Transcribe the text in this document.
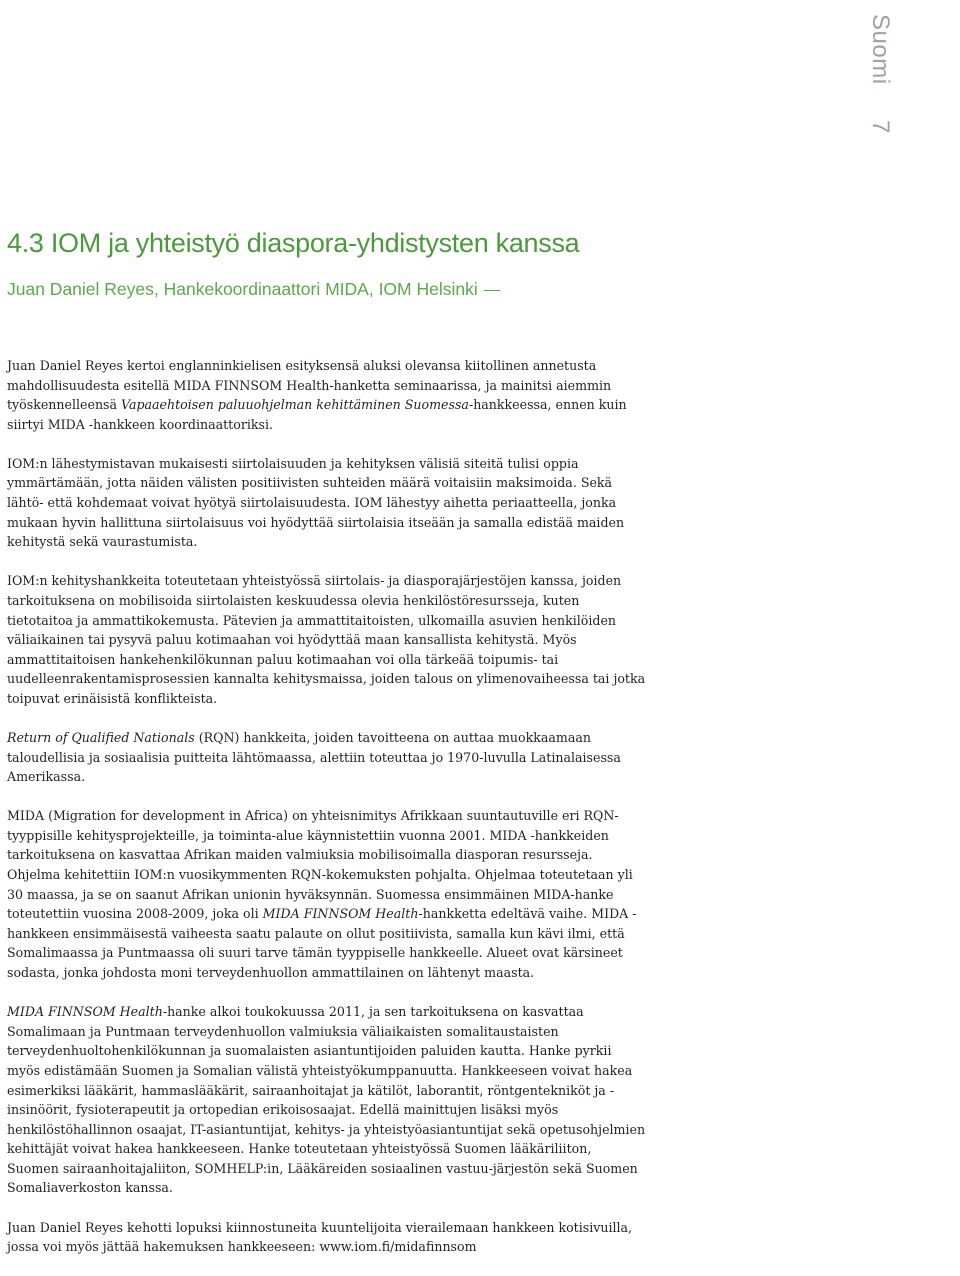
Suomi 7
4.3 IOM ja yhteistyö diaspora-yhdistysten kanssa
Juan Daniel Reyes, Hankekoordinaattori MIDA, IOM Helsinki

Juan Daniel Reyes kertoi englanninkielisen esityksensä aluksi olevansa kiitollinen annetusta mahdollisuudesta esitellä MIDA FINNSOM Health-hanketta seminaarissa, ja mainitsi aiemmin työskennelleensä Vapaaehtoisen paluuohjelman kehittäminen Suomessa-hankkeessa, ennen kuin siirtyi MIDA -hankkeen koordinaattoriksi.

IOM:n lähestymistavan mukaisesti siirtolaisuuden ja kehityksen välisiä siteitä tulisi oppia ymmärtämään, jotta näiden välisten positiivisten suhteiden määrä voitaisiin maksimoida. Sekä lähtö- että kohdemaat voivat hyötyä siirtolaisuudesta. IOM lähestyy aihetta periaatteella, jonka mukaan hyvin hallittuna siirtolaisuus voi hyödyttää siirtolaisia itseään ja samalla edistää maiden kehitystä sekä vaurastumista.

IOM:n kehityshankkeita toteutetaan yhteistyössä siirtolais- ja diasporajärjestöjen kanssa, joiden tarkoituksena on mobilisoida siirtolaisten keskuudessa olevia henkilöstöresursseja, kuten tietotaitoa ja ammattikokemusta. Pätevien ja ammattitaitoisten, ulkomailla asuvien henkilöiden väliaikainen tai pysyvä paluu kotimaahan voi hyödyttää maan kansallista kehitystä. Myös ammattitaitoisen hankehenkilökunnan paluu kotimaahan voi olla tärkeää toipumis- tai uudelleenrakentamisprosessien kannalta kehitysmaissa, joiden talous on ylimenovaiheessa tai jotka toipuvat erinäisistä konflikteista.

Return of Qualified Nationals (RQN) hankkeita, joiden tavoitteena on auttaa muokkaamaan taloudellisia ja sosiaalisia puitteita lähtömaassa, alettiin toteuttaa jo 1970-luvulla Latinalaisessa Amerikassa.

MIDA (Migration for development in Africa) on yhteisnimitys Afrikkaan suuntautuville eri RQN-tyyppisille kehitysprojekteille, ja toiminta-alue käynnistettiin vuonna 2001. MIDA -hankkeiden tarkoituksena on kasvattaa Afrikan maiden valmiuksia mobilisoimalla diasporan resursseja. Ohjelma kehitettiin IOM:n vuosikymmenten RQN-kokemuksten pohjalta. Ohjelmaa toteutetaan yli 30 maassa, ja se on saanut Afrikan unionin hyväksynnän. Suomessa ensimmäinen MIDA-hanke toteutettiin vuosina 2008-2009, joka oli MIDA FINNSOM Health-hankketta edeltävä vaihe. MIDA -hankkeen ensimmäisestä vaiheesta saatu palaute on ollut positiivista, samalla kun kävi ilmi, että Somalimaassa ja Puntmaassa oli suuri tarve tämän tyyppiselle hankkeelle. Alueet ovat kärsineet sodasta, jonka johdosta moni terveydenhuollon ammattilainen on lähtenyt maasta.

MIDA FINNSOM Health-hanke alkoi toukokuussa 2011, ja sen tarkoituksena on kasvattaa Somalimaan ja Puntmaan terveydenhuollon valmiuksia väliaikaisten somalitaustaisten terveydenhuoltohenkilökunnan ja suomalaisten asiantuntijoiden paluiden kautta. Hanke pyrkii myös edistämään Suomen ja Somalian välistä yhteistyökumppanuutta. Hankkeeseen voivat hakea esimerkiksi lääkärit, hammaslääkärit, sairaanhoitajat ja kätilöt, laborantit, röntgentekniköt ja -insinöörit, fysioterapeutit ja ortopedian erikoisosaajat. Edellä mainittujen lisäksi myös henkilöstöhallinnon osaajat, IT-asiantuntijat, kehitys- ja yhteistyöasiantuntijat sekä opetusohjelmien kehittäjät voivat hakea hankkeeseen. Hanke toteutetaan yhteistyössä Suomen lääkäriliiton, Suomen sairaanhoitajaliiton, SOMHELP:in, Lääkäreiden sosiaalinen vastuu-järjestön sekä Suomen Somaliaverkoston kanssa.

Juan Daniel Reyes kehotti lopuksi kiinnostuneita kuuntelijoita vierailemaan hankkeen kotisivuilla, jossa voi myös jättää hakemuksen hankkeeseen: www.iom.fi/midafinnsom
